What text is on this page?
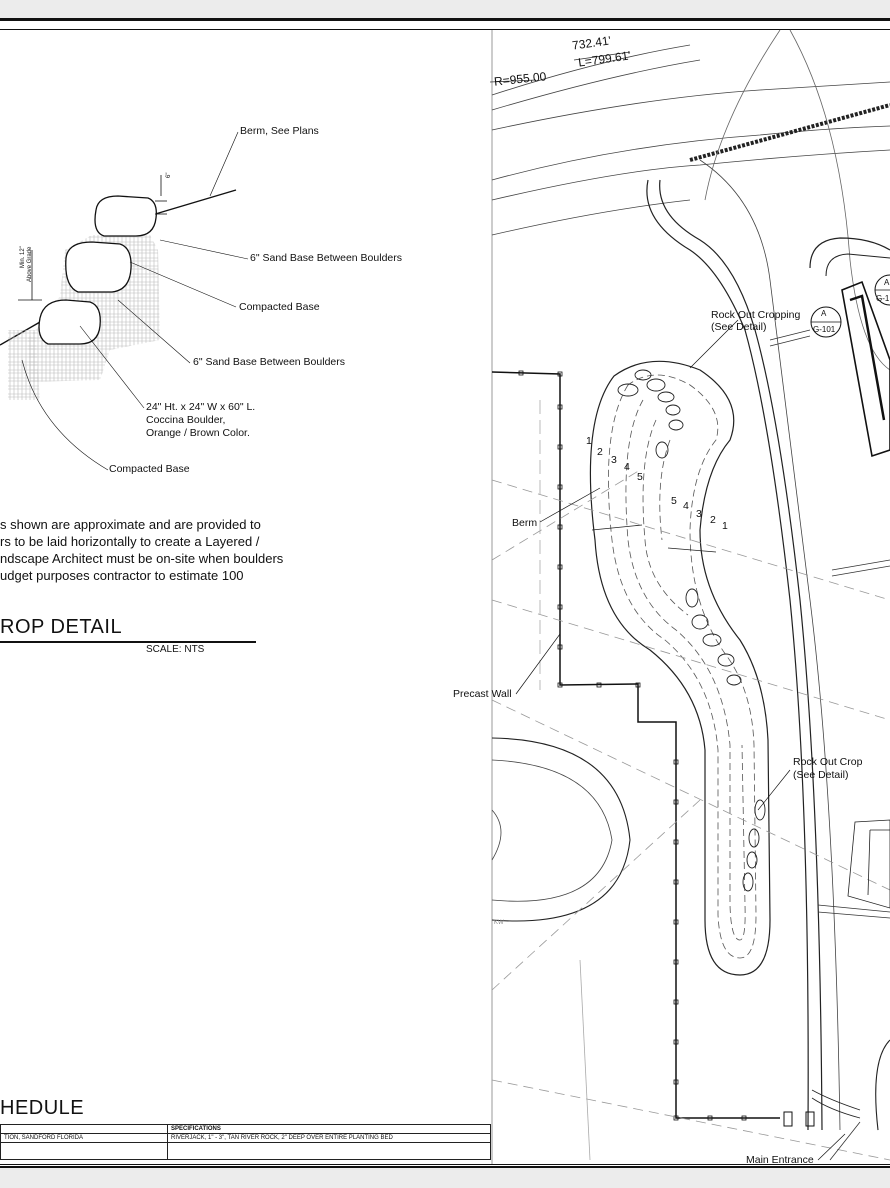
Berm, See Plans
6" Sand Base Between Boulders
Compacted Base
6" Sand Base Between Boulders
24" Ht. x 24" W x 60" L.
Coccina Boulder,
Orange / Brown Color.
Compacted Base
6"
Min. 12" Above Grade
s shown are approximate and are provided to
rs to be laid horizontally to create a Layered /
ndscape Architect must be on-site when boulders
udget purposes contractor to estimate 100
ROP DETAIL
SCALE: NTS
HEDULE
	SPECIFICATIONS
TION, SANDFORD FLORIDA	RIVERJACK, 1" - 3", TAN RIVER ROCK, 2" DEEP OVER ENTIRE PLANTING BED

732.41'
L=799.61'
R=955.00
Rock Out Cropping
(See Detail)
Rock Out Crop
(See Detail)
A
G-101
A
G-1
Berm
Precast Wall
Main Entrance
KW
1
2
3
4
5
5 4
3 2 1
